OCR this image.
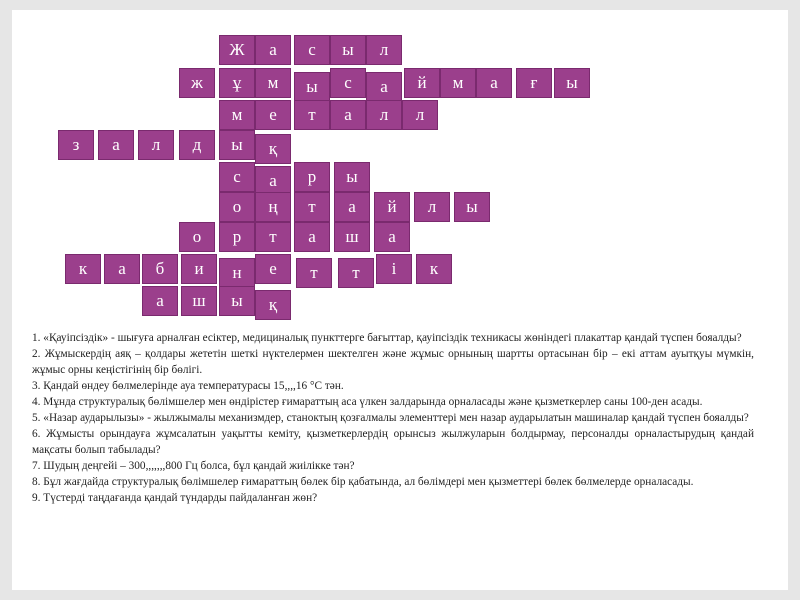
Ж	а	с	ы	л
ж	ұ	м	ы	с	а	й	м	а	ғ	ы
м	е	т	а	л	л
з	а	л	д	ы	қ
с	а	р	ы
о	ң	т	а	й	л	ы
о	р	т	а	ш	а
к	а	б	и	н	е	т	т	і	к
а	ш	ы	қ

1. «Қауіпсіздік» - шығуға арналған есіктер, медициналық пункттерге бағыттар, қауіпсіздік техникасы жөніндегі плакаттар қандай түспен бояалды?

2. Жұмыскердің аяқ – қолдары жететін шеткі нүктелермен шектелген және жұмыс орнының шартты ортасынан бір – екі аттам ауытқуы мүмкін, жұмыс орны кеңістігінің бір бөлігі.

3. Қандай өндеу бөлмелерінде ауа температурасы 15,,,,16 °С тән.

4. Мұнда структуралық бөлімшелер мен өндірістер ғимараттың аса үлкен залдарында орналасады және қызметкерлер саны 100-ден асады.

5. «Назар аударылызы» - жылжымалы механизмдер, станоктың қозғалмалы элементтері мен назар аударылатын машиналар қандай түспен бояалды?

6. Жұмысты орындауға жұмсалатын уақытты кеміту, қызметкерлердің орынсыз жылжуларын болдырмау, персоналды орналастырудың қандай мақсаты болып табылады?

7. Шудың деңгейі – 300,,,,,,,800 Гц болса, бұл қандай жиілікке тән?

8. Бұл жағдайда структуралық бөлімшелер ғимараттың бөлек бір қабатында, ал бөлімдері мен қызметтері бөлек бөлмелерде орналасады.

9. Түстерді таңдағанда қандай түндарды пайдаланған жөн?
